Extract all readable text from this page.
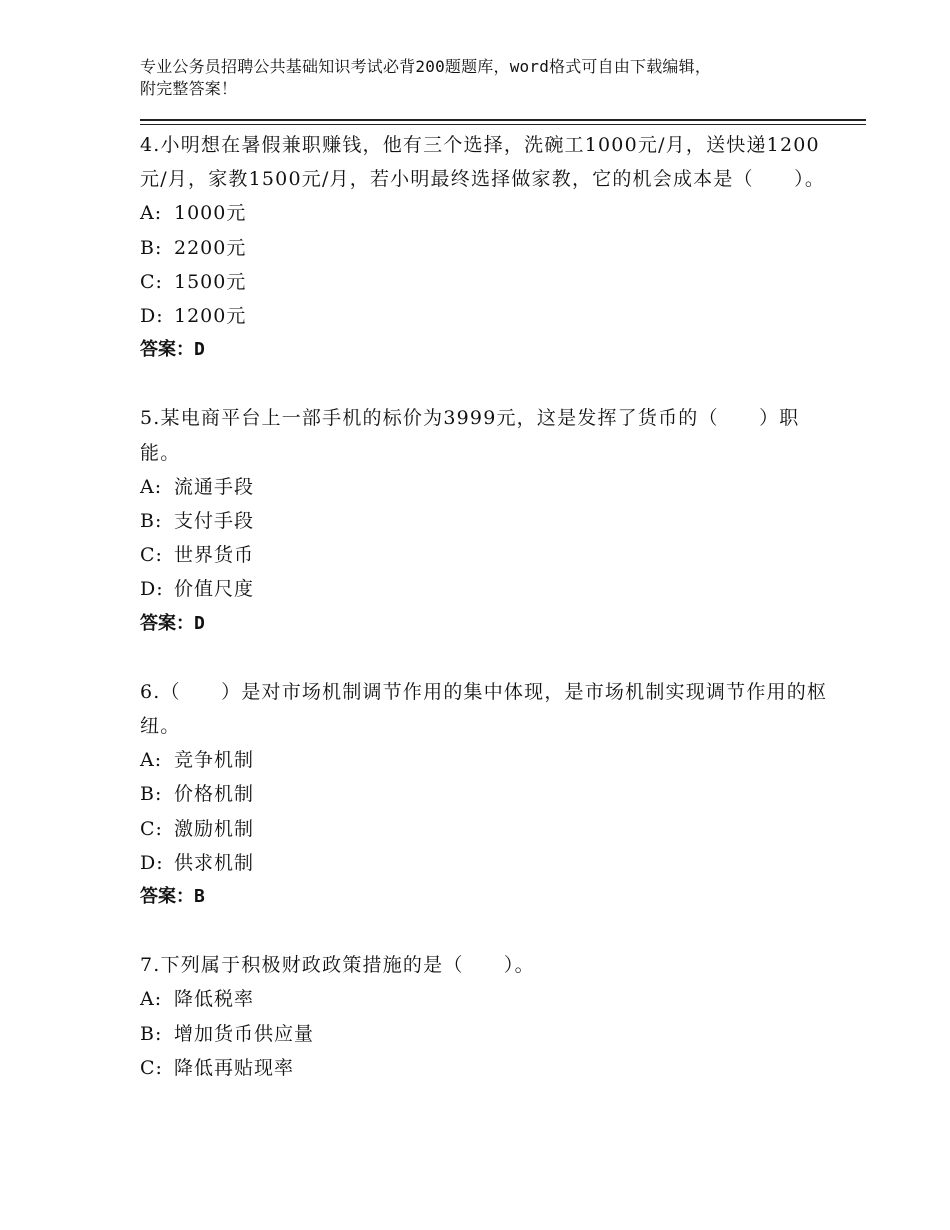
专业公务员招聘公共基础知识考试必背200题题库，word格式可自由下载编辑，
附完整答案！
4.小明想在暑假兼职赚钱，他有三个选择，洗碗工1000元/月，送快递1200元/月，家教1500元/月，若小明最终选择做家教，它的机会成本是（　　）。
A: 1000元
B: 2200元
C: 1500元
D: 1200元
答案：D
5.某电商平台上一部手机的标价为3999元，这是发挥了货币的（　　）职能。
A: 流通手段
B: 支付手段
C: 世界货币
D: 价值尺度
答案：D
6.（　　）是对市场机制调节作用的集中体现，是市场机制实现调节作用的枢纽。
A: 竞争机制
B: 价格机制
C: 激励机制
D: 供求机制
答案：B
7.下列属于积极财政政策措施的是（　　）。
A: 降低税率
B: 增加货币供应量
C: 降低再贴现率
